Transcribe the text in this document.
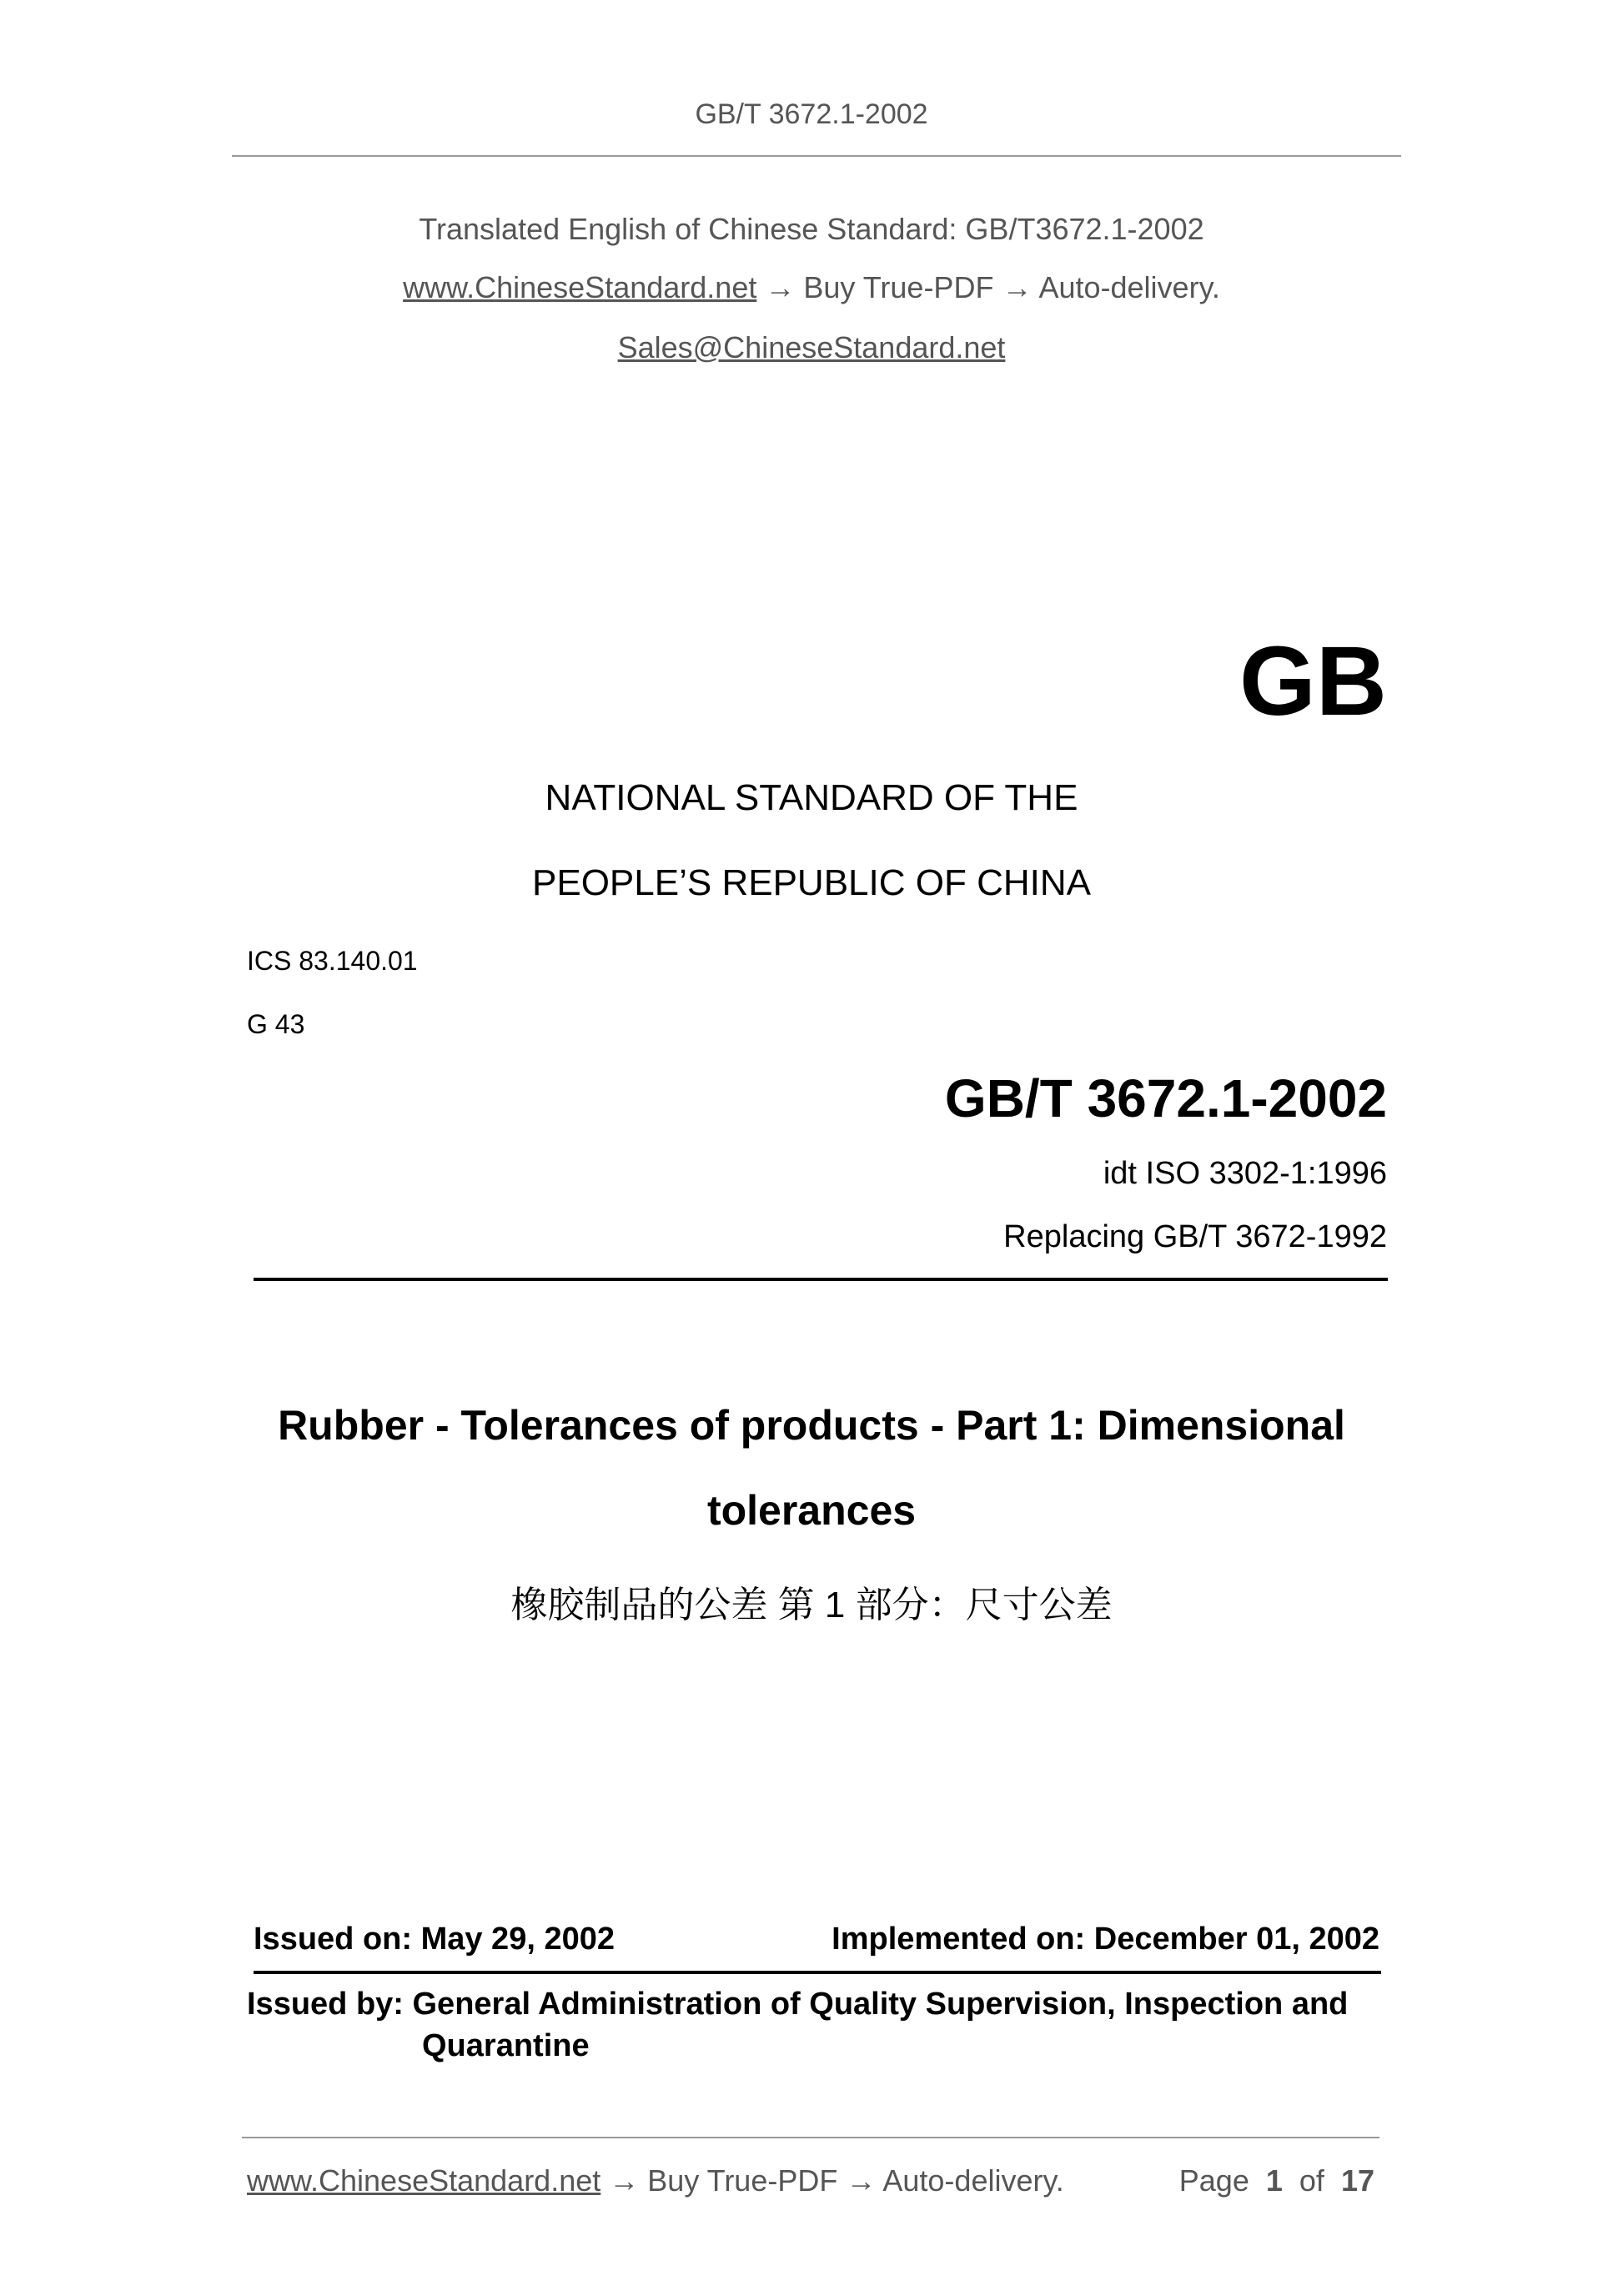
GB/T 3672.1-2002
Translated English of Chinese Standard: GB/T3672.1-2002
www.ChineseStandard.net → Buy True-PDF → Auto-delivery.
Sales@ChineseStandard.net
GB
NATIONAL STANDARD OF THE
PEOPLE’S REPUBLIC OF CHINA
ICS 83.140.01
G 43
GB/T 3672.1-2002
idt ISO 3302-1:1996
Replacing GB/T 3672-1992
Rubber - Tolerances of products - Part 1: Dimensional
tolerances
橡胶制品的公差 第 1 部分：尺寸公差
Issued on: May 29, 2002	Implemented on: December 01, 2002
Issued by: General Administration of Quality Supervision, Inspection and
Quarantine
www.ChineseStandard.net → Buy True-PDF → Auto-delivery.	Page 1 of 17
